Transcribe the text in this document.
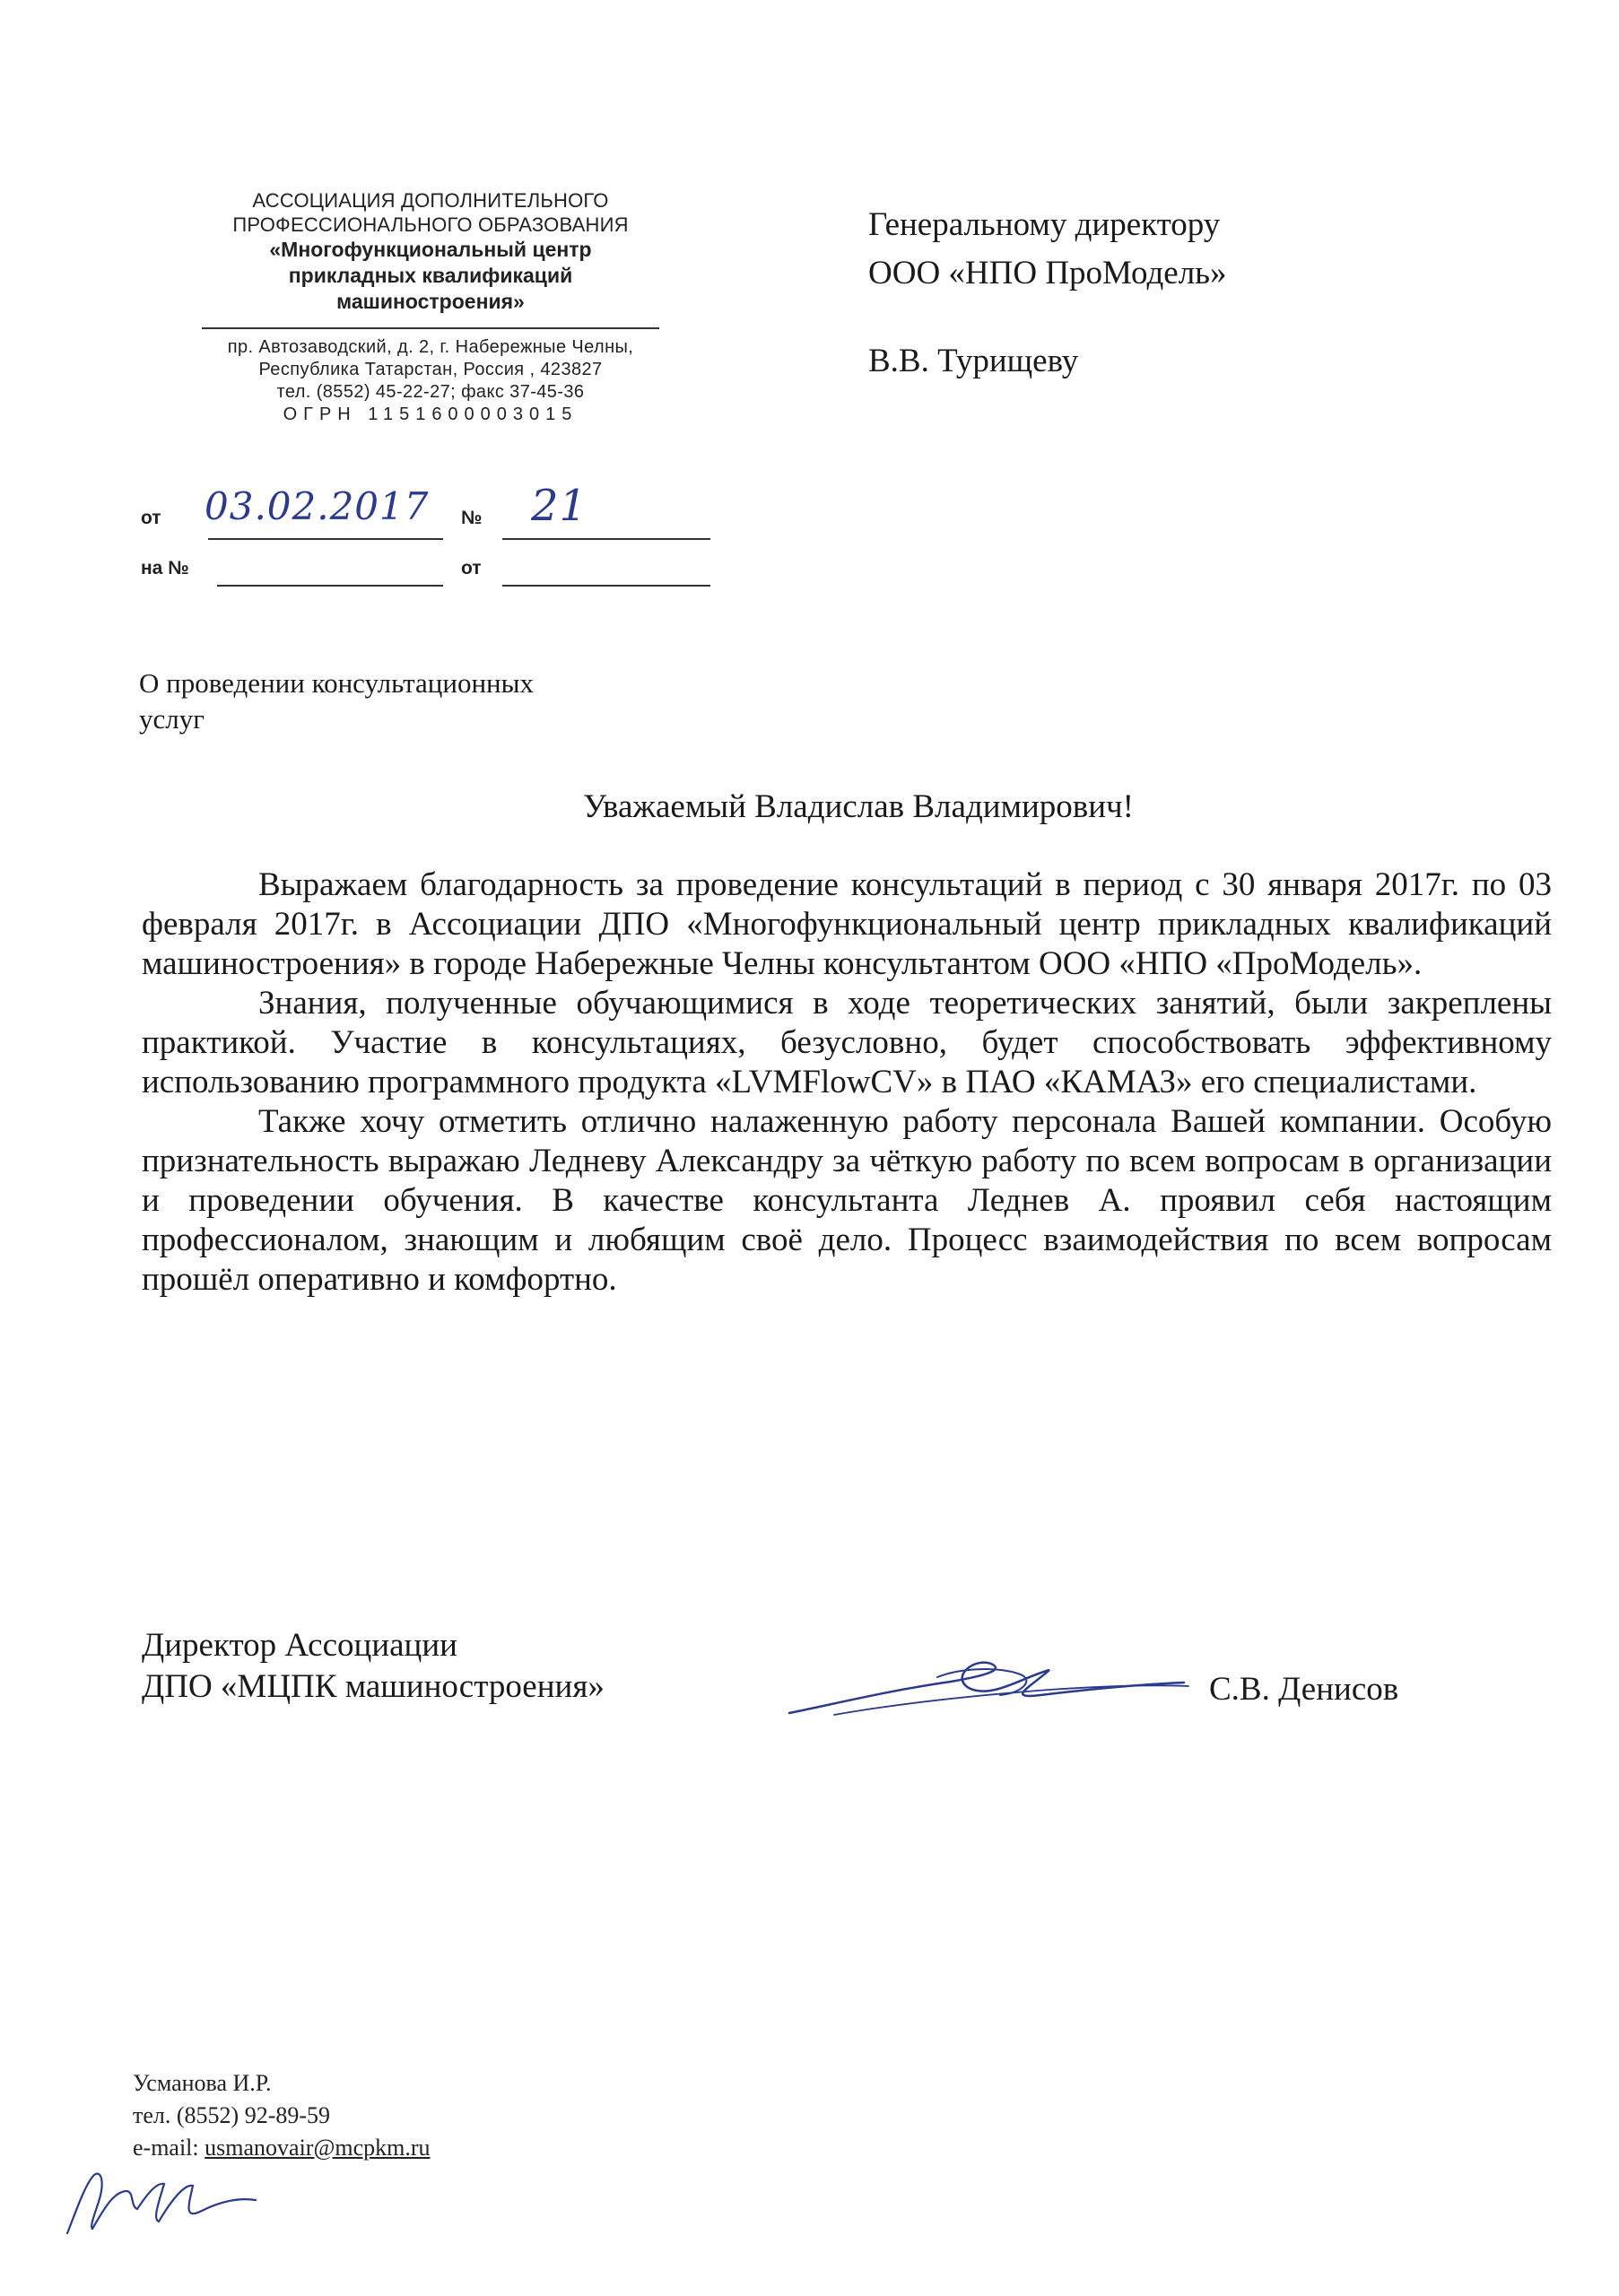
АССОЦИАЦИЯ ДОПОЛНИТЕЛЬНОГО
ПРОФЕССИОНАЛЬНОГО ОБРАЗОВАНИЯ
«Многофункциональный центр
прикладных квалификаций
машиностроения»
пр. Автозаводский, д. 2, г. Набережные Челны,
Республика Татарстан, Россия , 423827
тел. (8552) 45-22-27; факс 37-45-36
ОГРН 1151600003015
от 03.02.2017 № 21
на №	от
Генеральному директору
ООО «НПО ПроМодель»
В.В. Турищеву
О проведении консультационных
услуг
Уважаемый Владислав Владимирович!

Выражаем благодарность за проведение консультаций в период с 30 января 2017г. по 03 февраля 2017г. в Ассоциации ДПО «Многофункциональный центр прикладных квалификаций машиностроения» в городе Набережные Челны консультантом ООО «НПО «ПроМодель».

Знания, полученные обучающимися в ходе теоретических занятий, были закреплены практикой. Участие в консультациях, безусловно, будет способствовать эффективному использованию программного продукта «LVMFlowCV» в ПАО «КАМАЗ» его специалистами.

Также хочу отметить отлично налаженную работу персонала Вашей компании. Особую признательность выражаю Ледневу Александру за чёткую работу по всем вопросам в организации и проведении обучения. В качестве консультанта Леднев А. проявил себя настоящим профессионалом, знающим и любящим своё дело. Процесс взаимодействия по всем вопросам прошёл оперативно и комфортно.

Директор Ассоциации
ДПО «МЦПК машиностроения»	С.В. Денисов
Усманова И.Р.
тел. (8552) 92-89-59
e-mail: usmanovair@mcpkm.ru
